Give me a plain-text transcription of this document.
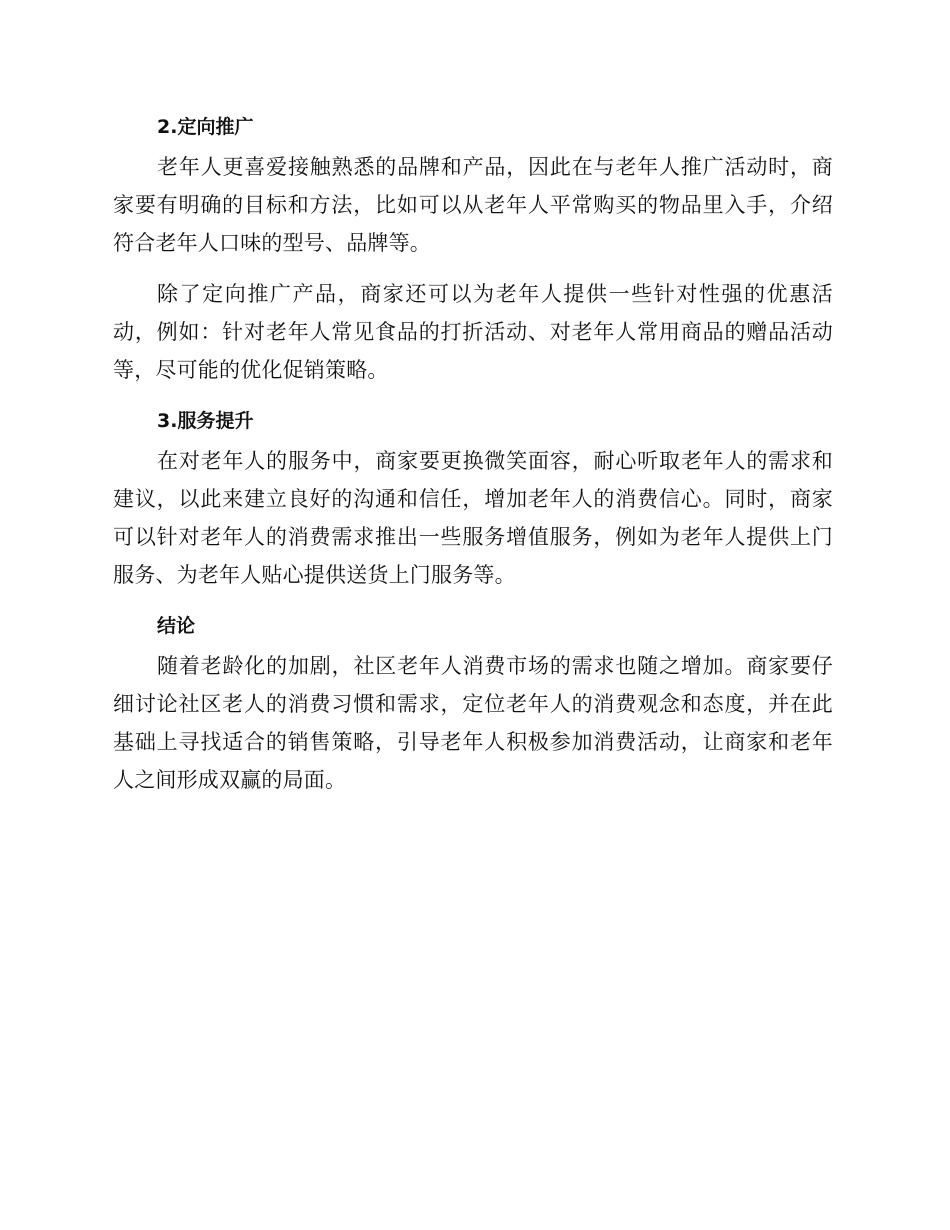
2.定向推广

老年人更喜爱接触熟悉的品牌和产品，因此在与老年人推广活动时，商家要有明确的目标和方法，比如可以从老年人平常购买的物品里入手，介绍符合老年人口味的型号、品牌等。

除了定向推广产品，商家还可以为老年人提供一些针对性强的优惠活动，例如：针对老年人常见食品的打折活动、对老年人常用商品的赠品活动等，尽可能的优化促销策略。

3.服务提升

在对老年人的服务中，商家要更换微笑面容，耐心听取老年人的需求和建议，以此来建立良好的沟通和信任，增加老年人的消费信心。同时，商家可以针对老年人的消费需求推出一些服务增值服务，例如为老年人提供上门服务、为老年人贴心提供送货上门服务等。

结论

随着老龄化的加剧，社区老年人消费市场的需求也随之增加。商家要仔细讨论社区老人的消费习惯和需求，定位老年人的消费观念和态度，并在此基础上寻找适合的销售策略，引导老年人积极参加消费活动，让商家和老年人之间形成双赢的局面。
